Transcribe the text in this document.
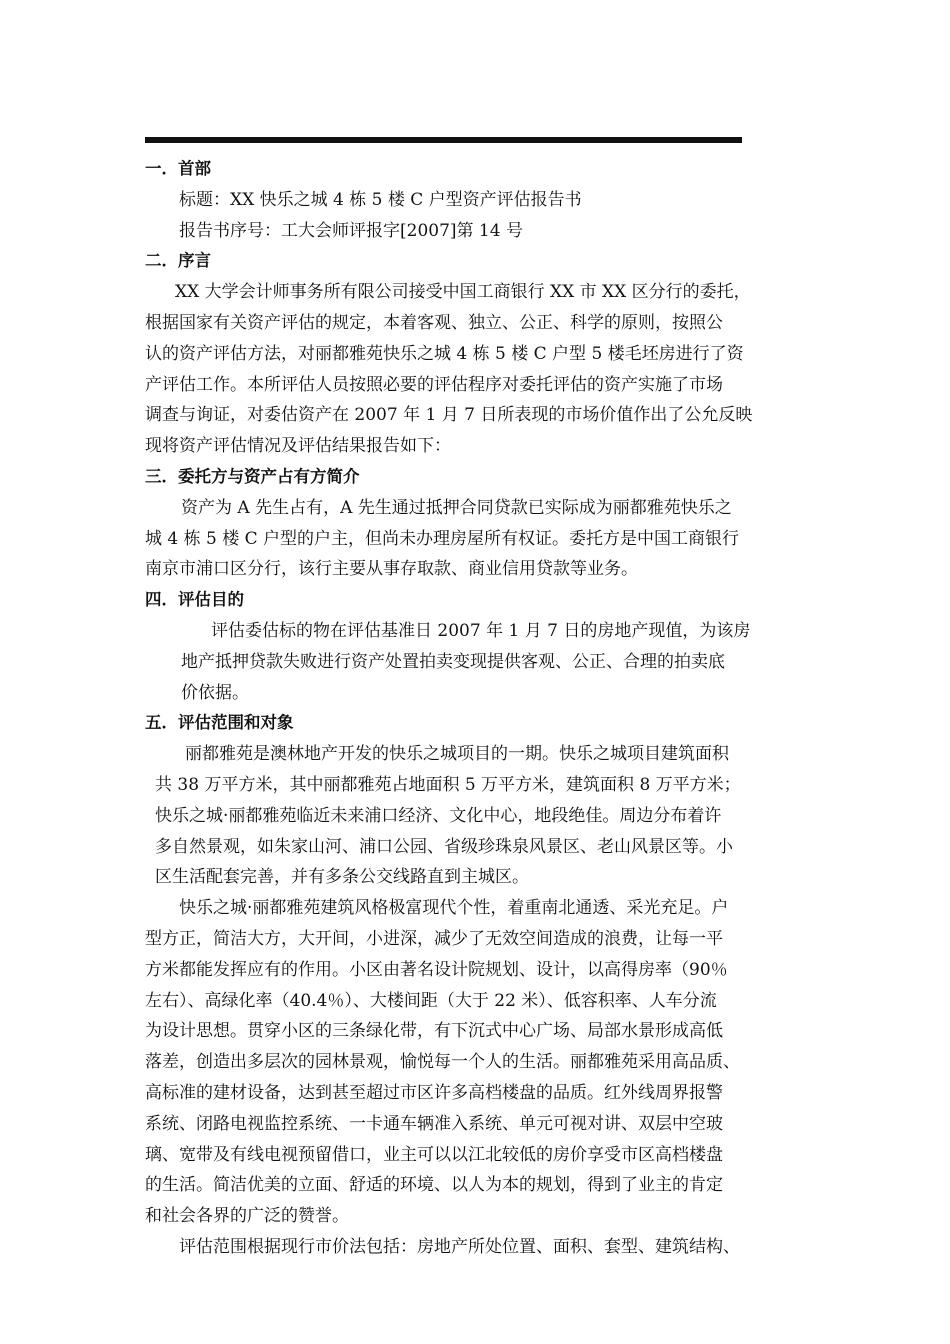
一．首部
标题：XX 快乐之城 4 栋 5 楼 C 户型资产评估报告书
报告书序号：工大会师评报字[2007]第 14 号
二．序言
XX 大学会计师事务所有限公司接受中国工商银行 XX 市 XX 区分行的委托，
根据国家有关资产评估的规定，本着客观、独立、公正、科学的原则，按照公
认的资产评估方法，对丽都雅苑快乐之城 4 栋 5 楼 C 户型 5 楼毛坯房进行了资
产评估工作。本所评估人员按照必要的评估程序对委托评估的资产实施了市场
调查与询证，对委估资产在 2007 年 1 月 7 日所表现的市场价值作出了公允反映
现将资产评估情况及评估结果报告如下：
三．委托方与资产占有方简介
资产为 A 先生占有，A 先生通过抵押合同贷款已实际成为丽都雅苑快乐之
城 4 栋 5 楼 C 户型的户主，但尚未办理房屋所有权证。委托方是中国工商银行
南京市浦口区分行，该行主要从事存取款、商业信用贷款等业务。
四．评估目的
评估委估标的物在评估基准日 2007 年 1 月 7 日的房地产现值，为该房
地产抵押贷款失败进行资产处置拍卖变现提供客观、公正、合理的拍卖底
价依据。
五．评估范围和对象
丽都雅苑是澳林地产开发的快乐之城项目的一期。快乐之城项目建筑面积
共 38 万平方米，其中丽都雅苑占地面积 5 万平方米，建筑面积 8 万平方米；
快乐之城·丽都雅苑临近未来浦口经济、文化中心，地段绝佳。周边分布着许
多自然景观，如朱家山河、浦口公园、省级珍珠泉风景区、老山风景区等。小
区生活配套完善，并有多条公交线路直到主城区。
快乐之城·丽都雅苑建筑风格极富现代个性，着重南北通透、采光充足。户
型方正，简洁大方，大开间，小进深，减少了无效空间造成的浪费，让每一平
方米都能发挥应有的作用。小区由著名设计院规划、设计，以高得房率（90％
左右）、高绿化率（40.4％）、大楼间距（大于 22 米）、低容积率、人车分流
为设计思想。贯穿小区的三条绿化带，有下沉式中心广场、局部水景形成高低
落差，创造出多层次的园林景观，愉悦每一个人的生活。丽都雅苑采用高品质、
高标准的建材设备，达到甚至超过市区许多高档楼盘的品质。红外线周界报警
系统、闭路电视监控系统、一卡通车辆准入系统、单元可视对讲、双层中空玻
璃、宽带及有线电视预留借口，业主可以以江北较低的房价享受市区高档楼盘
的生活。简洁优美的立面、舒适的环境、以人为本的规划，得到了业主的肯定
和社会各界的广泛的赞誉。
评估范围根据现行市价法包括：房地产所处位置、面积、套型、建筑结构、
